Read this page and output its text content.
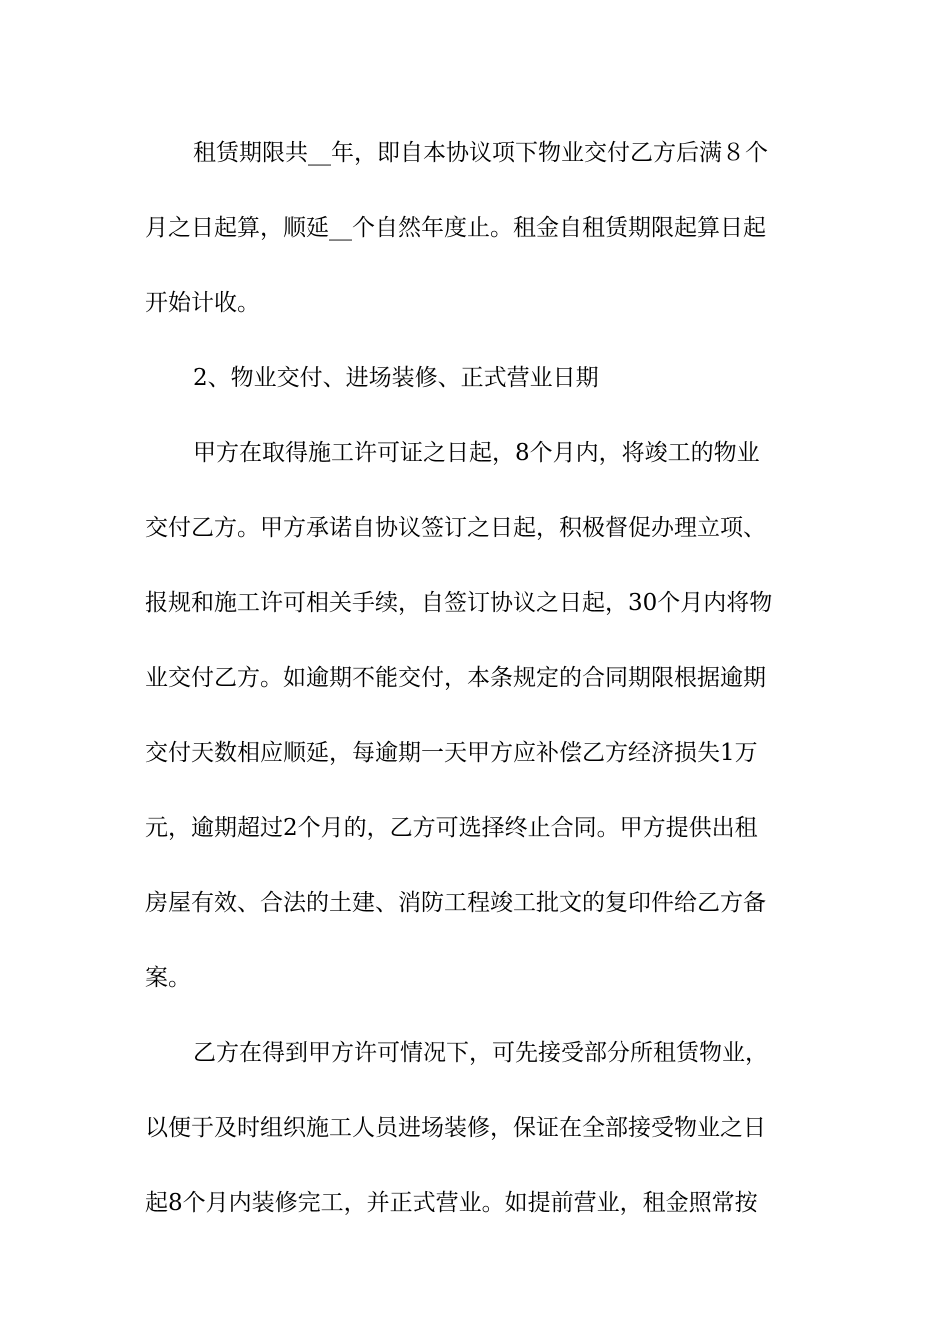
租赁期限共__年，即自本协议项下物业交付乙方后满８个
月之日起算，顺延__个自然年度止。租金自租赁期限起算日起
开始计收。
2、物业交付、进场装修、正式营业日期
甲方在取得施工许可证之日起，8个月内，将竣工的物业
交付乙方。甲方承诺自协议签订之日起，积极督促办理立项、
报规和施工许可相关手续，自签订协议之日起，30个月内将物
业交付乙方。如逾期不能交付，本条规定的合同期限根据逾期
交付天数相应顺延，每逾期一天甲方应补偿乙方经济损失1万
元，逾期超过2个月的，乙方可选择终止合同。甲方提供出租
房屋有效、合法的土建、消防工程竣工批文的复印件给乙方备
案。
乙方在得到甲方许可情况下，可先接受部分所租赁物业，
以便于及时组织施工人员进场装修，保证在全部接受物业之日
起8个月内装修完工，并正式营业。如提前营业，租金照常按
